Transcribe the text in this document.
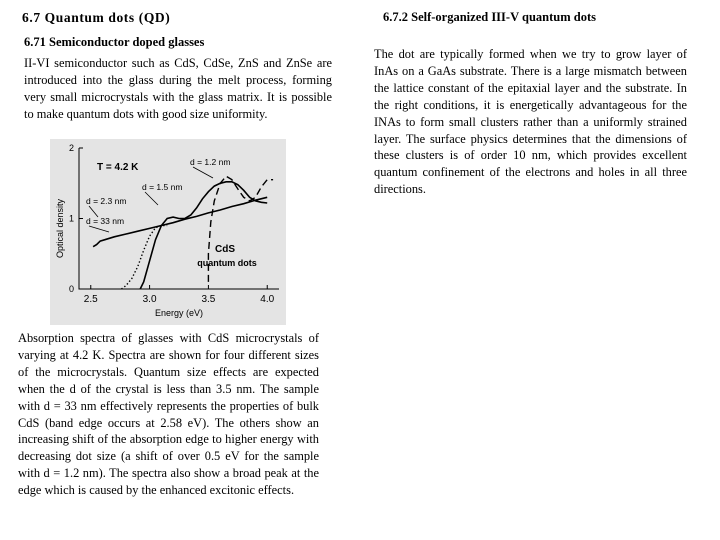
6.7 Quantum dots (QD)
6.71 Semiconductor doped glasses
II-VI semiconductor such as CdS, CdSe, ZnS and ZnSe are introduced into the glass during the melt process, forming very small microcrystals with the glass matrix. It is possible to make quantum dots with good size uniformity.
2.5	3.0	3.5	4.0
0
1
2
Energy (eV)
Optical density
T = 4.2 K
CdS
quantum dots
d = 33 nm
d = 2.3 nm
d = 1.5 nm
d = 1.2 nm
Absorption spectra of glasses with CdS microcrystals of varying at 4.2 K. Spectra are shown for four different sizes of the microcrystals. Quantum size effects are expected when the d of the crystal is less than 3.5 nm. The sample with d = 33 nm effectively represents the properties of bulk CdS (band edge occurs at 2.58 eV). The others show an increasing shift of the absorption edge to higher energy with decreasing dot size (a shift of over 0.5 eV for the sample with d = 1.2 nm). The spectra also show a broad peak at the edge which is caused by the enhanced excitonic effects.
6.7.2 Self-organized III-V quantum dots
The dot are typically formed when we try to grow layer of InAs on a GaAs substrate. There is a large mismatch between the lattice constant of the epitaxial layer and the substrate. In the right conditions, it is energetically advantageous for the INAs to form small clusters rather than a uniformly strained layer. The surface physics determines that the dimensions of these clusters is of order 10 nm, which provides excellent quantum confinement of the electrons and holes in all three directions.
